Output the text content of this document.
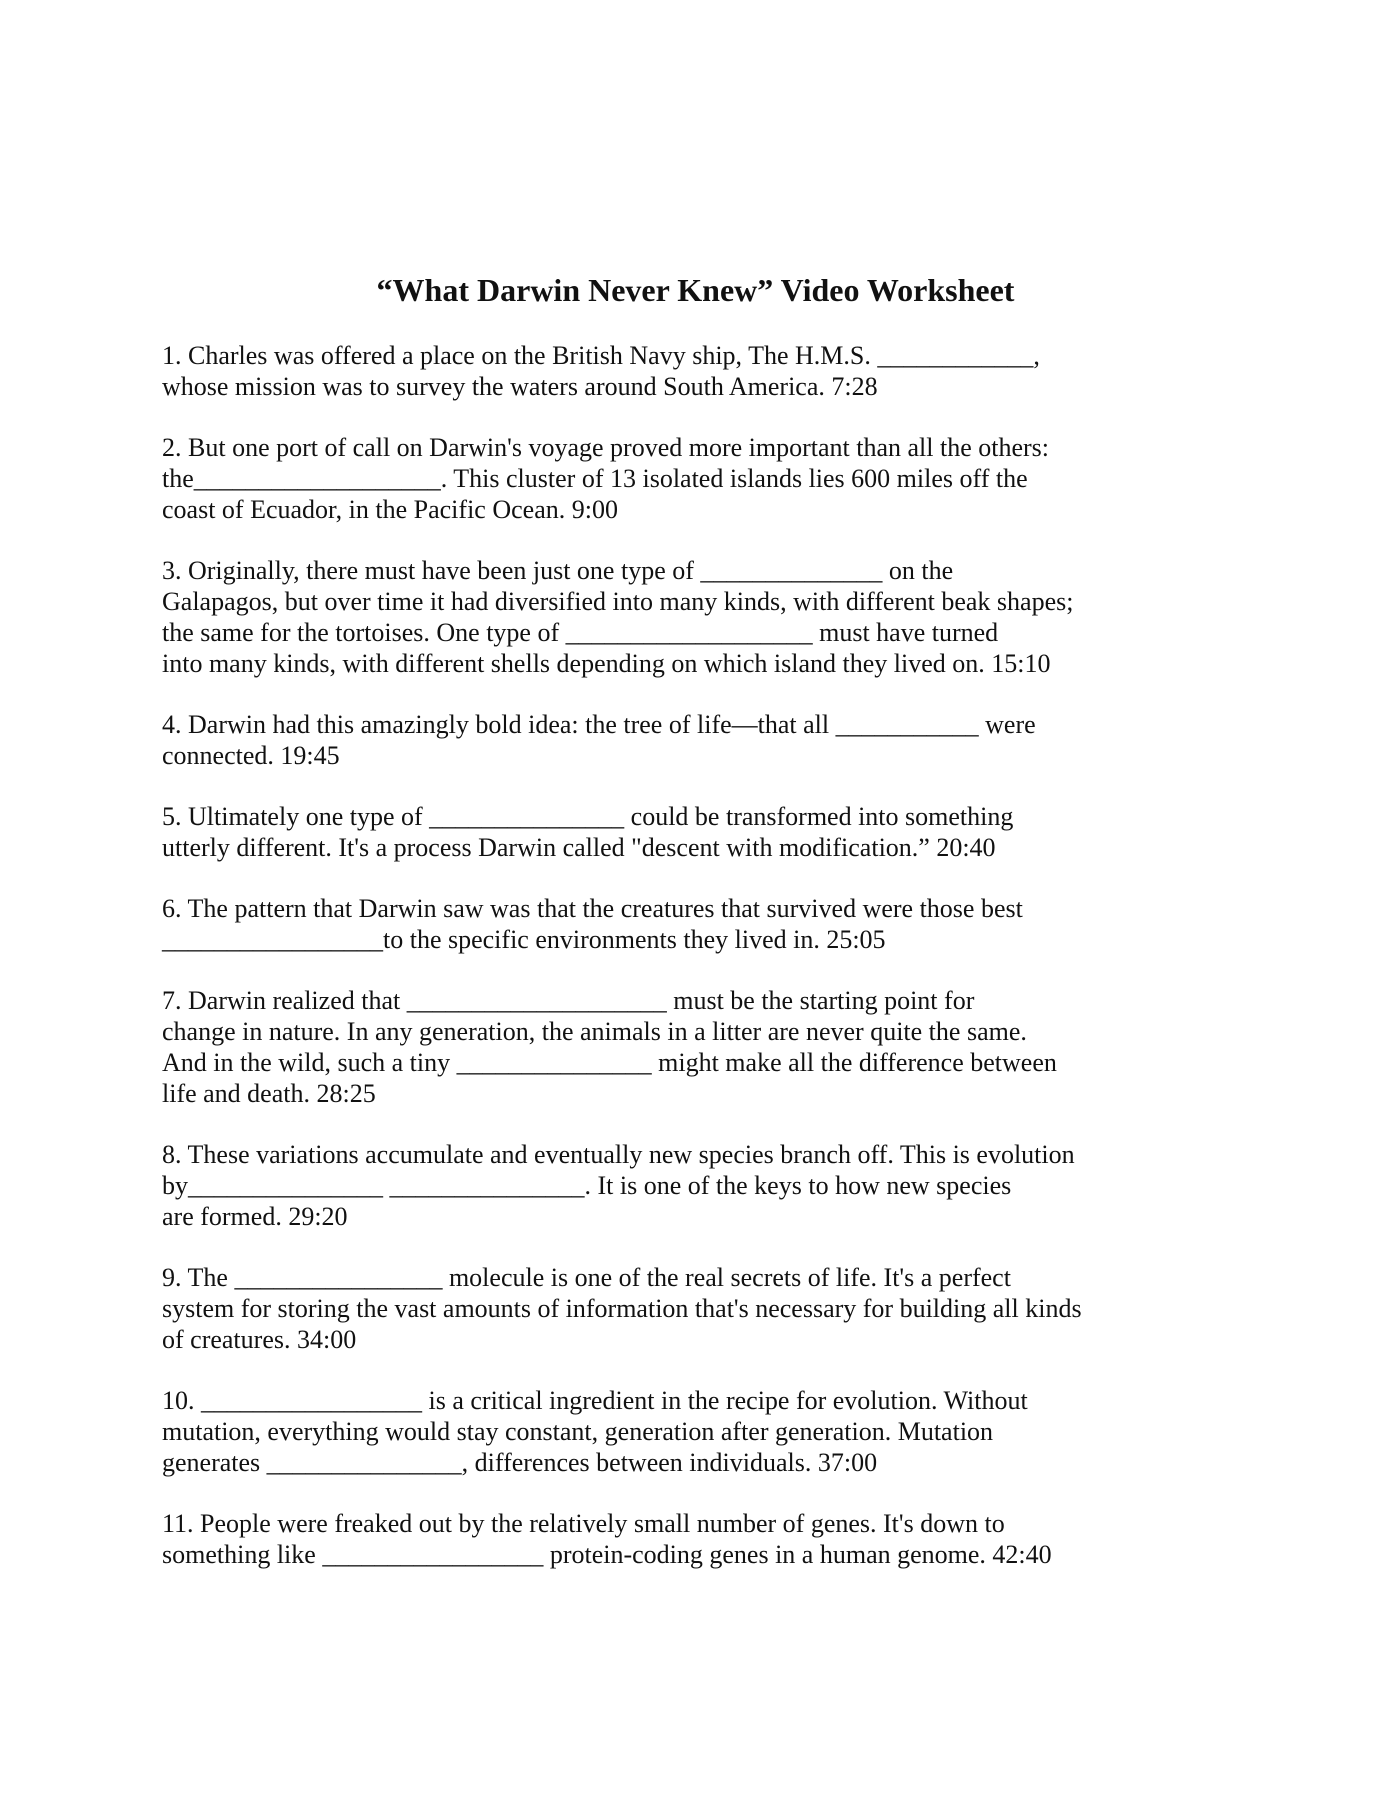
“What Darwin Never Knew” Video Worksheet

1. Charles was offered a place on the British Navy ship, The H.M.S. ____________,
whose mission was to survey the waters around South America. 7:28

2. But one port of call on Darwin's voyage proved more important than all the others:
the___________________. This cluster of 13 isolated islands lies 600 miles off the
coast of Ecuador, in the Pacific Ocean. 9:00

3. Originally, there must have been just one type of ______________ on the
Galapagos, but over time it had diversified into many kinds, with different beak shapes;
the same for the tortoises. One type of ___________________ must have turned
into many kinds, with different shells depending on which island they lived on. 15:10

4. Darwin had this amazingly bold idea: the tree of life—that all ___________ were
connected. 19:45

5. Ultimately one type of _______________ could be transformed into something
utterly different. It's a process Darwin called "descent with modification.” 20:40

6. The pattern that Darwin saw was that the creatures that survived were those best
_________________to the specific environments they lived in. 25:05

7. Darwin realized that ____________________ must be the starting point for
change in nature. In any generation, the animals in a litter are never quite the same.
And in the wild, such a tiny _______________ might make all the difference between
life and death. 28:25

8. These variations accumulate and eventually new species branch off. This is evolution
by_______________ _______________. It is one of the keys to how new species
are formed. 29:20

9. The ________________ molecule is one of the real secrets of life. It's a perfect
system for storing the vast amounts of information that's necessary for building all kinds
of creatures. 34:00

10. _________________ is a critical ingredient in the recipe for evolution. Without
mutation, everything would stay constant, generation after generation. Mutation
generates _______________, differences between individuals. 37:00

11. People were freaked out by the relatively small number of genes. It's down to
something like _________________ protein-coding genes in a human genome. 42:40
